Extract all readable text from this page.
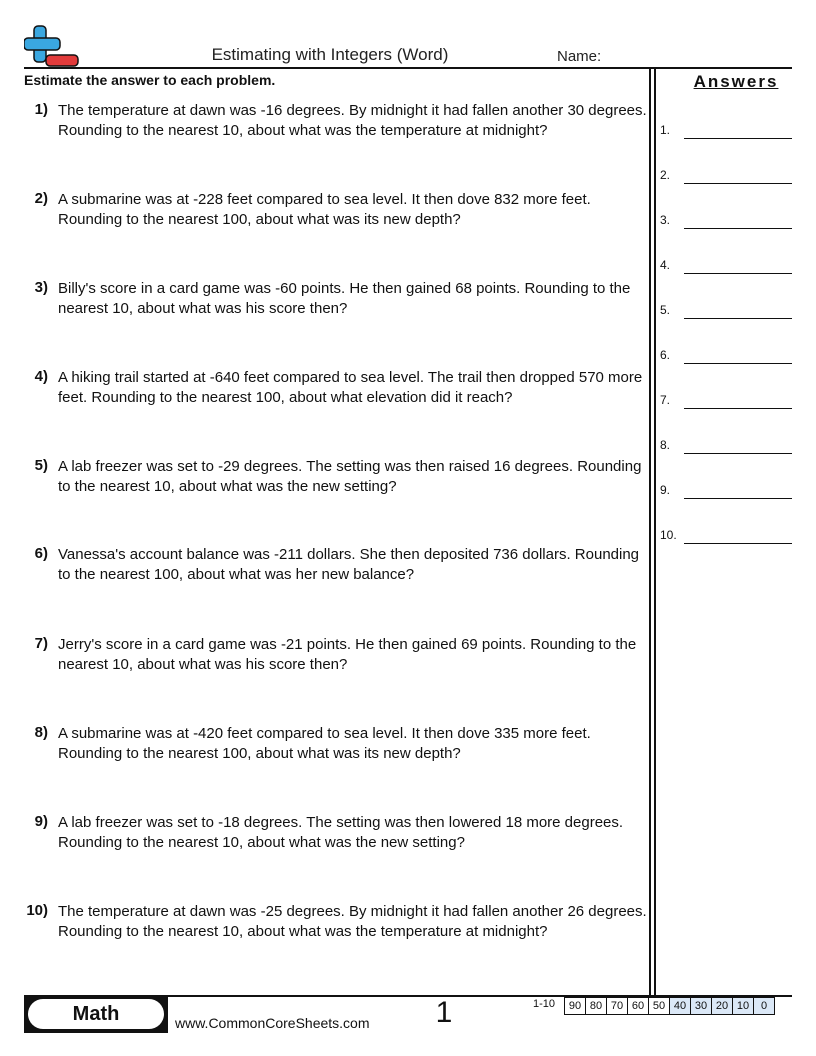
Estimating with Integers (Word)	Name:
Estimate the answer to each problem.	Answers
1.
2.
3.
4.
5.
6.
7.
8.
9.
10.
1) The temperature at dawn was -16 degrees. By midnight it had fallen another 30 degrees. Rounding to the nearest 10, about what was the temperature at midnight?
2) A submarine was at -228 feet compared to sea level. It then dove 832 more feet. Rounding to the nearest 100, about what was its new depth?
3) Billy's score in a card game was -60 points. He then gained 68 points. Rounding to the nearest 10, about what was his score then?
4) A hiking trail started at -640 feet compared to sea level. The trail then dropped 570 more feet. Rounding to the nearest 100, about what elevation did it reach?
5) A lab freezer was set to -29 degrees. The setting was then raised 16 degrees. Rounding to the nearest 10, about what was the new setting?
6) Vanessa's account balance was -211 dollars. She then deposited 736 dollars. Rounding to the nearest 100, about what was her new balance?
7) Jerry's score in a card game was -21 points. He then gained 69 points. Rounding to the nearest 10, about what was his score then?
8) A submarine was at -420 feet compared to sea level. It then dove 335 more feet. Rounding to the nearest 100, about what was its new depth?
9) A lab freezer was set to -18 degrees. The setting was then lowered 18 more degrees. Rounding to the nearest 10, about what was the new setting?
10) The temperature at dawn was -25 degrees. By midnight it had fallen another 26 degrees. Rounding to the nearest 10, about what was the temperature at midnight?
Math	www.CommonCoreSheets.com	1	1-10	90 80 70 60 50 40 30 20 10	0
